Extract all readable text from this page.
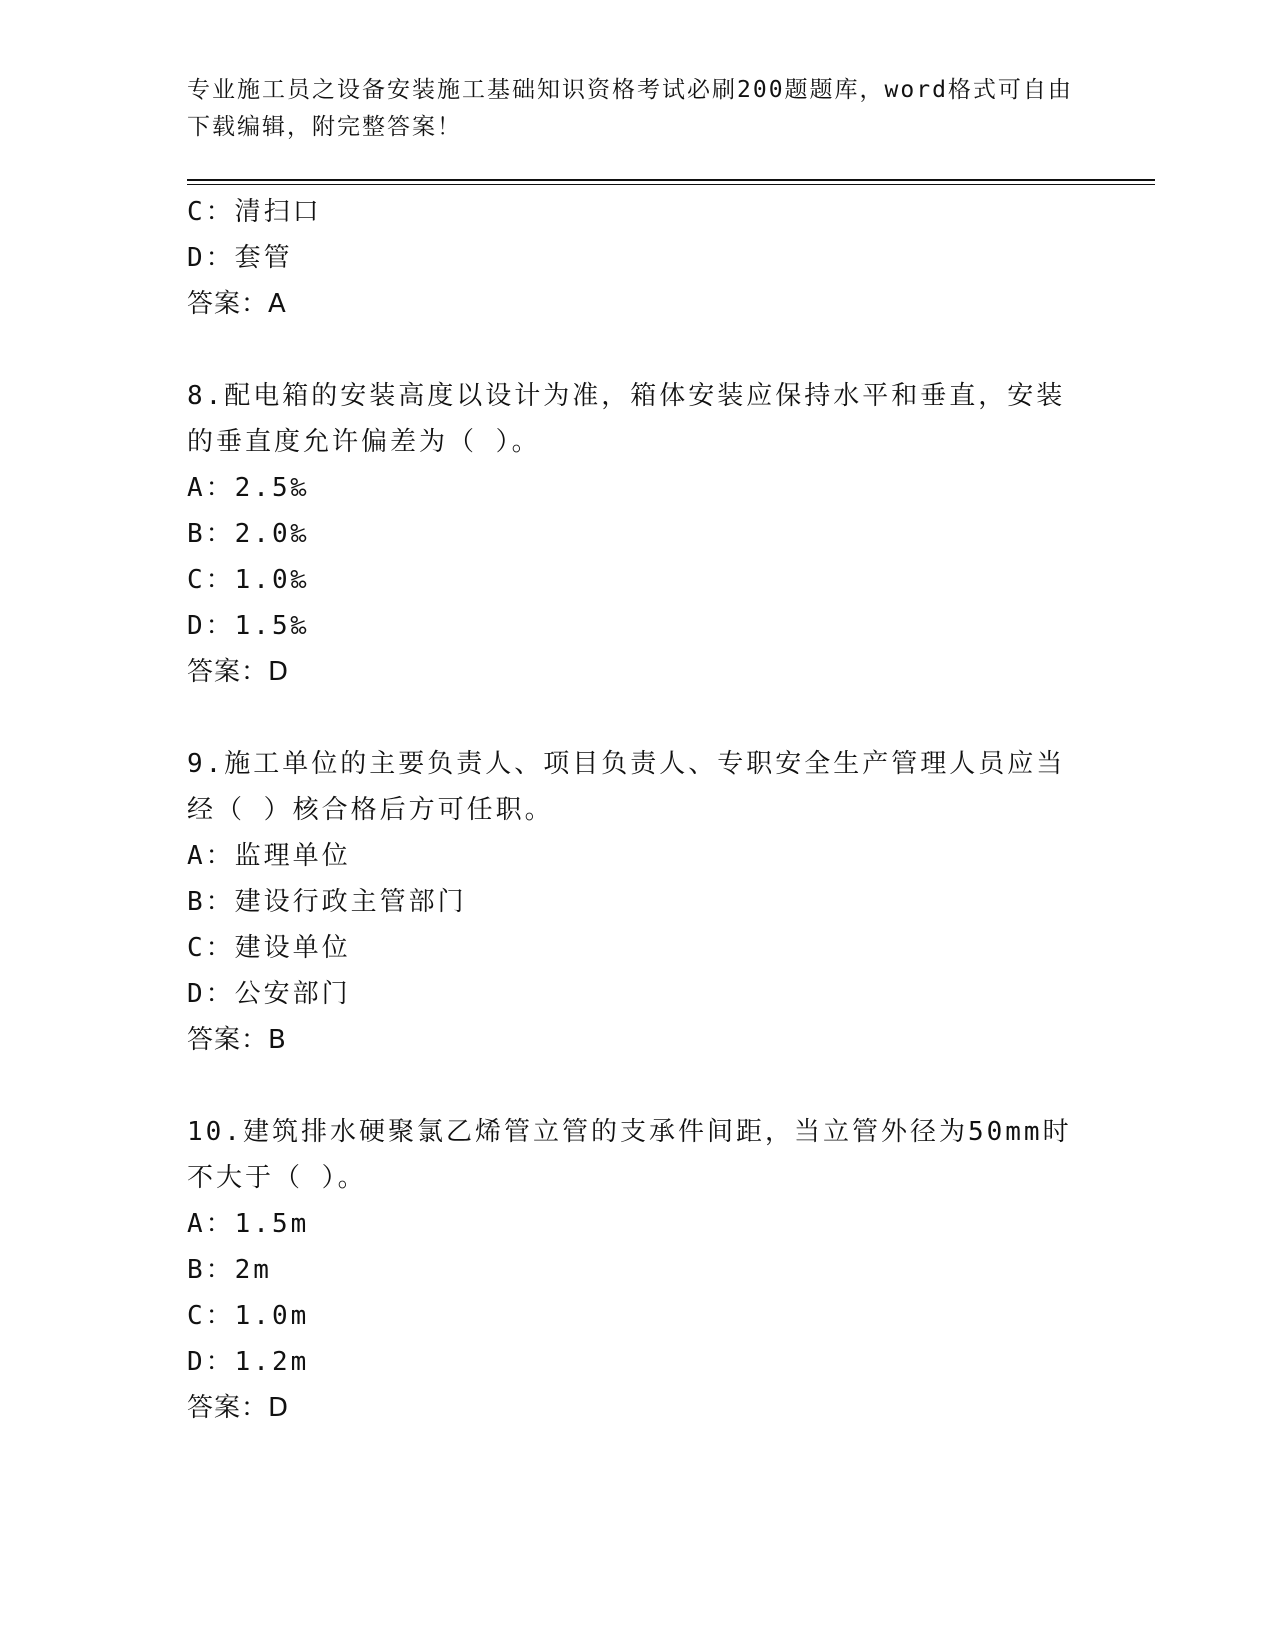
专业施工员之设备安装施工基础知识资格考试必刷200题题库，word格式可自由
下载编辑，附完整答案！
C：清扫口
D：套管
答案：A
8.配电箱的安装高度以设计为准，箱体安装应保持水平和垂直，安装
的垂直度允许偏差为（ ）。
A：2.5‰
B：2.0‰
C：1.0‰
D：1.5‰
答案：D
9.施工单位的主要负责人、项目负责人、专职安全生产管理人员应当
经（ ）核合格后方可任职。
A：监理单位
B：建设行政主管部门
C：建设单位
D：公安部门
答案：B
10.建筑排水硬聚氯乙烯管立管的支承件间距，当立管外径为50mm时
不大于（ ）。
A：1.5m
B：2m
C：1.0m
D：1.2m
答案：D
